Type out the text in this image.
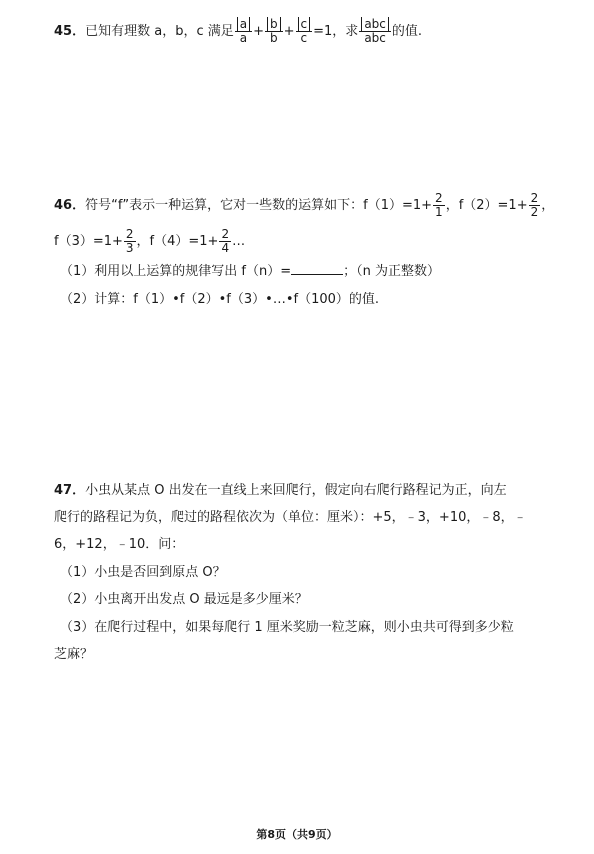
45．已知有理数 a，b，c 满足 $\frac{a}{a} + \frac{b}{b} + \frac{c}{c} =1$，求 $\frac{\text{abc}}{\text{abc}}$ 的值.
46．符号“f”表示一种运算，它对一些数的运算如下：$f(1)=1+ \frac{2}{1}$ ，$f(2)=1+ \frac{2}{2}$ ，
$f(3)=1+ \frac{2}{3}$ ，$f(4)=1+ \frac{2}{4}$ …
（1）利用以上运算的规律写出 f（n）=	；（n 为正整数）
（2）计算：f（1）•f（2）•f（3）•…•f（100）的值.
47．小虫从某点 O 出发在一直线上来回爬行，假定向右爬行路程记为正，向左
爬行的路程记为负，爬过的路程依次为（单位：厘米）：+5，﹣3，+10，﹣8，﹣
6，+12，﹣10．问：
（1）小虫是否回到原点 O？
（2）小虫离开出发点 O 最远是多少厘米？
（3）在爬行过程中，如果每爬行 1 厘米奖励一粒芝麻，则小虫共可得到多少粒
芝麻？
第8页（共9页）
